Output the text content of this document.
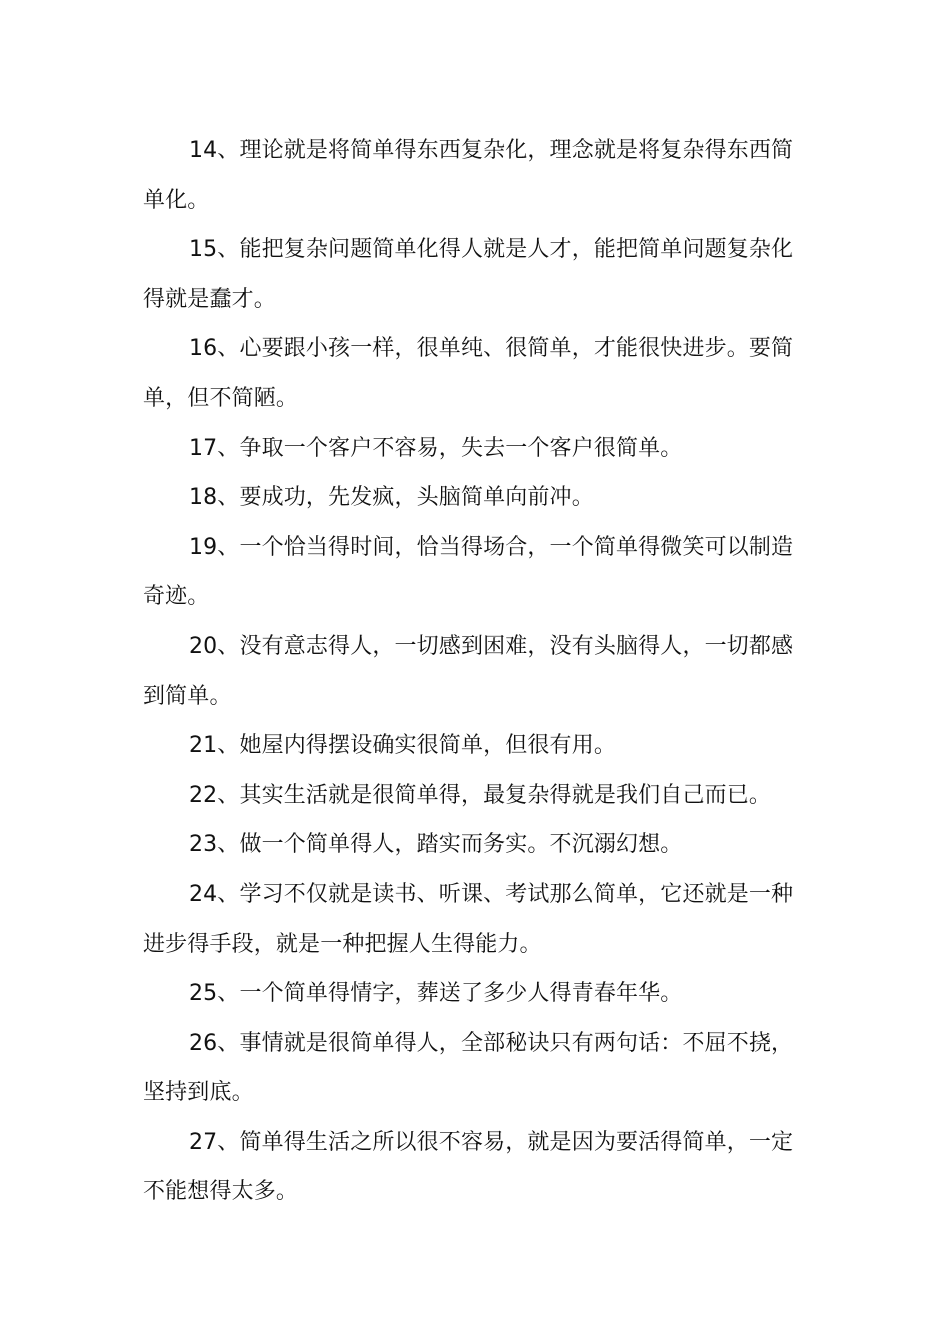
14、理论就是将简单得东西复杂化，理念就是将复杂得东西简单化。

15、能把复杂问题简单化得人就是人才，能把简单问题复杂化得就是蠢才。

16、心要跟小孩一样，很单纯、很简单，才能很快进步。要简单，但不简陋。

17、争取一个客户不容易，失去一个客户很简单。

18、要成功，先发疯，头脑简单向前冲。

19、一个恰当得时间，恰当得场合，一个简单得微笑可以制造奇迹。

20、没有意志得人，一切感到困难，没有头脑得人，一切都感到简单。

21、她屋内得摆设确实很简单，但很有用。

22、其实生活就是很简单得，最复杂得就是我们自己而已。

23、做一个简单得人，踏实而务实。不沉溺幻想。

24、学习不仅就是读书、听课、考试那么简单，它还就是一种进步得手段，就是一种把握人生得能力。

25、一个简单得情字，葬送了多少人得青春年华。

26、事情就是很简单得人，全部秘诀只有两句话：不屈不挠，坚持到底。

27、简单得生活之所以很不容易，就是因为要活得简单，一定不能想得太多。
